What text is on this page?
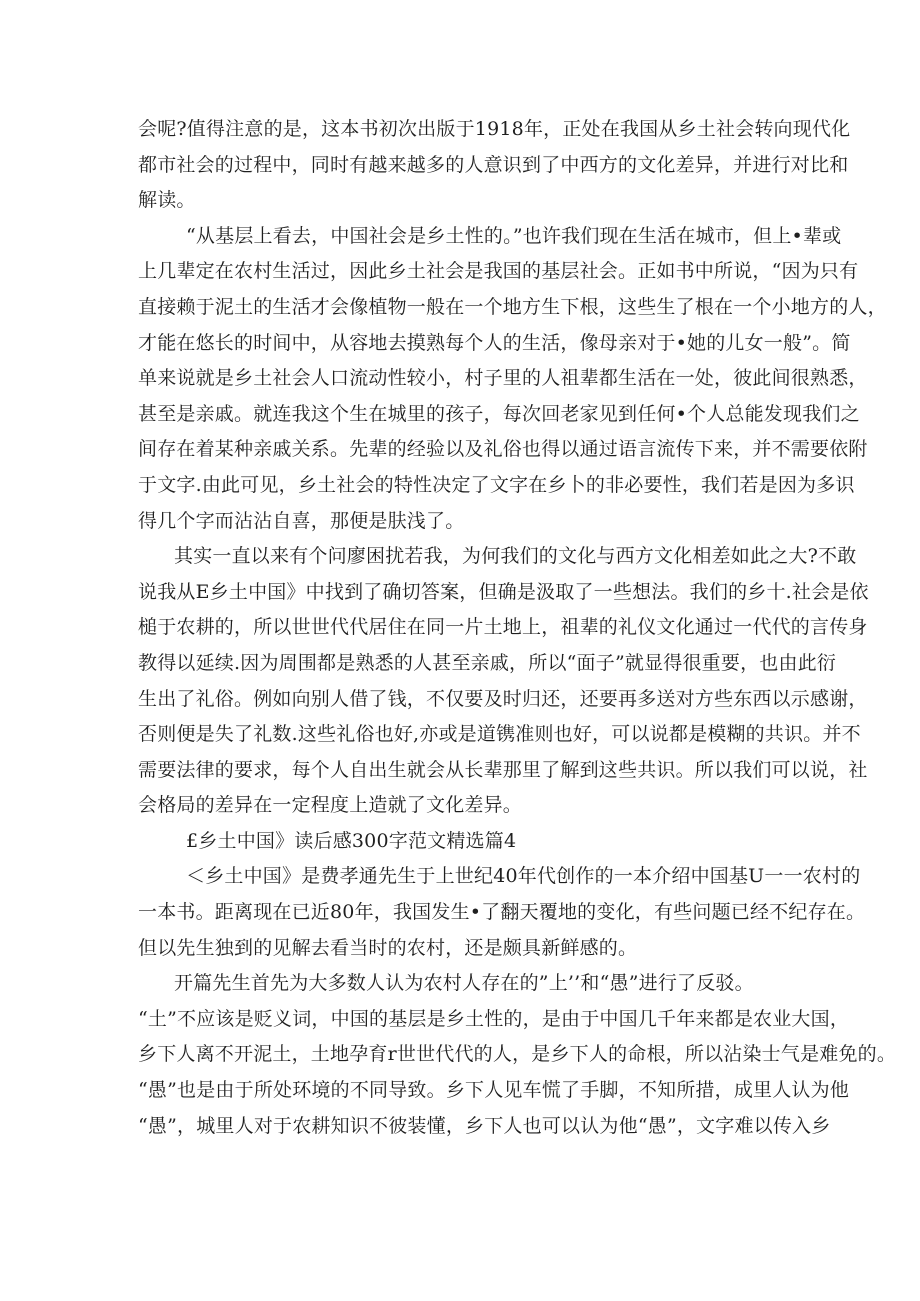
会呢?值得注意的是，这本书初次出版于1918年，正处在我国从乡土社会转向现代化
都市社会的过程中，同时有越来越多的人意识到了中西方的文化差异，并进行对比和
解读。
“从基层上看去，中国社会是乡土性的。”也许我们现在生活在城市，但上•辈或
上几辈定在农村生活过，因此乡土社会是我国的基层社会。正如书中所说，“因为只有
直接赖于泥土的生活才会像植物一般在一个地方生下根，这些生了根在一个小地方的人，
才能在悠长的时间中，从容地去摸熟每个人的生活，像母亲对于•她的儿女一般”。简
单来说就是乡土社会人口流动性较小，村子里的人祖辈都生活在一处，彼此间很熟悉，
甚至是亲戚。就连我这个生在城里的孩子，每次回老家见到任何•个人总能发现我们之
间存在着某种亲戚关系。先辈的经验以及礼俗也得以通过语言流传下来，并不需要依附
于文字.由此可见，乡土社会的特性决定了文字在乡卜的非必要性，我们若是因为多识
得几个字而沾沾自喜，那便是肤浅了。
其实一直以来有个问廖困扰若我，为何我们的文化与西方文化相差如此之大?不敢
说我从E乡土中国》中找到了确切答案，但确是汲取了一些想法。我们的乡十.社会是依
槌于农耕的，所以世世代代居住在同一片土地上，祖辈的礼仪文化通过一代代的言传身
教得以延续.因为周围都是熟悉的人甚至亲戚，所以“面子”就显得很重要，也由此衍
生出了礼俗。例如向别人借了钱，不仅要及时归还，还要再多送对方些东西以示感谢，
否则便是失了礼数.这些礼俗也好,亦或是道镌准则也好，可以说都是模糊的共识。并不
需要法律的要求，每个人自出生就会从长辈那里了解到这些共识。所以我们可以说，社
会格局的差异在一定程度上造就了文化差异。
£乡土中国》读后感300字范文精选篇4
＜乡土中国》是费孝通先生于上世纪40年代创作的一本介绍中国基U一一农村的
一本书。距离现在已近80年，我国发生•了翻天覆地的变化，有些问题已经不纪存在。
但以先生独到的见解去看当时的农村，还是颇具新鲜感的。
开篇先生首先为大多数人认为农村人存在的”上’’和“愚”进行了反驳。
“土”不应该是贬义词，中国的基层是乡土性的，是由于中国几千年来都是农业大国，
乡下人离不开泥土，土地孕育r世世代代的人，是乡下人的命根，所以沾染士气是难免的。
“愚”也是由于所处环境的不同导致。乡下人见车慌了手脚，不知所措，成里人认为他
“愚”，城里人对于农耕知识不彼装懂，乡下人也可以认为他“愚”，文字难以传入乡
